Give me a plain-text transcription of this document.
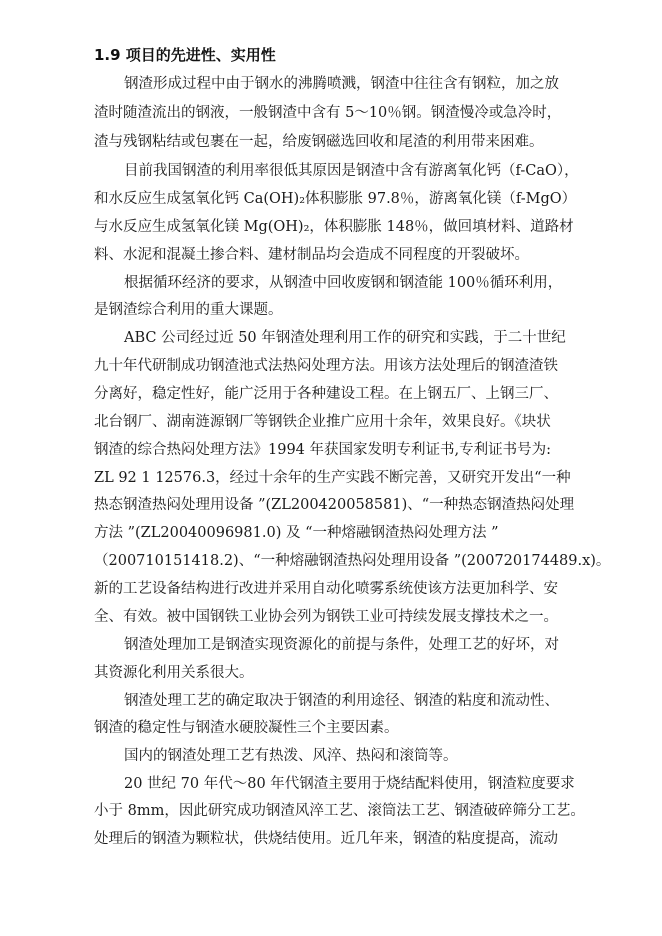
1.9 项目的先进性、实用性
钢渣形成过程中由于钢水的沸腾喷溅，钢渣中往往含有钢粒，加之放
渣时随渣流出的钢液，一般钢渣中含有 5～10％钢。钢渣慢冷或急冷时，
渣与残钢粘结或包裹在一起，给废钢磁选回收和尾渣的利用带来困难。
目前我国钢渣的利用率很低其原因是钢渣中含有游离氧化钙（f-CaO），
和水反应生成氢氧化钙 Ca(OH)₂体积膨胀 97.8％，游离氧化镁（f-MgO）
与水反应生成氢氧化镁 Mg(OH)₂，体积膨胀 148％，做回填材料、道路材
料、水泥和混凝土掺合料、建材制品均会造成不同程度的开裂破坏。
根据循环经济的要求，从钢渣中回收废钢和钢渣能 100％循环利用，
是钢渣综合利用的重大课题。
ABC 公司经过近 50 年钢渣处理利用工作的研究和实践，于二十世纪
九十年代研制成功钢渣池式法热闷处理方法。用该方法处理后的钢渣渣铁
分离好，稳定性好，能广泛用于各种建设工程。在上钢五厂、上钢三厂、
北台钢厂、湖南涟源钢厂等钢铁企业推广应用十余年，效果良好。《块状
钢渣的综合热闷处理方法》1994 年获国家发明专利证书,专利证书号为:
ZL 92 1 12576.3，经过十余年的生产实践不断完善，又研究开发出“一种
热态钢渣热闷处理用设备 ”(ZL200420058581)、“一种热态钢渣热闷处理
方法 ”(ZL20040096981.0) 及 “一种熔融钢渣热闷处理方法 ”
（200710151418.2)、“一种熔融钢渣热闷处理用设备 ”(200720174489.x)。
新的工艺设备结构进行改进并采用自动化喷雾系统使该方法更加科学、安
全、有效。被中国钢铁工业协会列为钢铁工业可持续发展支撑技术之一。
钢渣处理加工是钢渣实现资源化的前提与条件，处理工艺的好坏，对
其资源化利用关系很大。
钢渣处理工艺的确定取决于钢渣的利用途径、钢渣的粘度和流动性、
钢渣的稳定性与钢渣水硬胶凝性三个主要因素。
国内的钢渣处理工艺有热泼、风淬、热闷和滚筒等。
20 世纪 70 年代～80 年代钢渣主要用于烧结配料使用，钢渣粒度要求
小于 8mm，因此研究成功钢渣风淬工艺、滚筒法工艺、钢渣破碎筛分工艺。
处理后的钢渣为颗粒状，供烧结使用。近几年来，钢渣的粘度提高，流动
